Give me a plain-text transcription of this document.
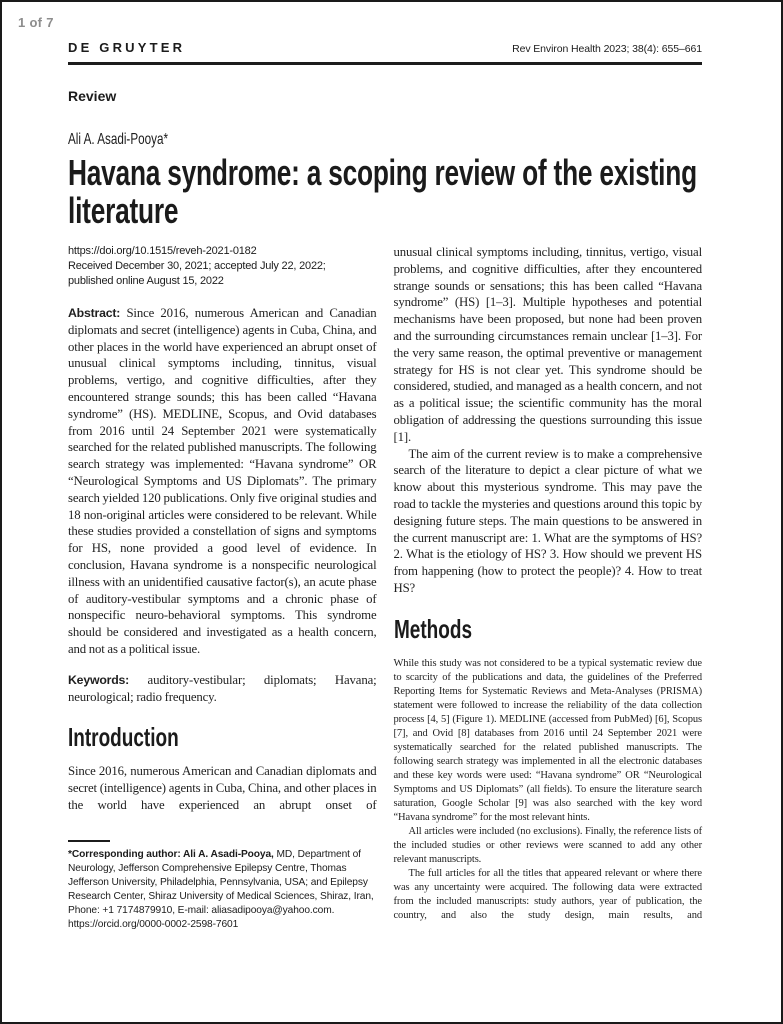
1 of 7
DE GRUYTER	Rev Environ Health 2023; 38(4): 655–661
Review
Ali A. Asadi-Pooya*
Havana syndrome: a scoping review of the existing literature
https://doi.org/10.1515/reveh-2021-0182
Received December 30, 2021; accepted July 22, 2022;
published online August 15, 2022

Abstract: Since 2016, numerous American and Canadian diplomats and secret (intelligence) agents in Cuba, China, and other places in the world have experienced an abrupt onset of unusual clinical symptoms including, tinnitus, visual problems, vertigo, and cognitive difficulties, after they encountered strange sounds; this has been called “Havana syndrome” (HS). MEDLINE, Scopus, and Ovid databases from 2016 until 24 September 2021 were systematically searched for the related published manuscripts. The following search strategy was implemented: “Havana syndrome” OR “Neurological Symptoms and US Diplomats”. The primary search yielded 120 publications. Only five original studies and 18 non-original articles were considered to be relevant. While these studies provided a constellation of signs and symptoms for HS, none provided a good level of evidence. In conclusion, Havana syndrome is a nonspecific neurological illness with an unidentified causative factor(s), an acute phase of auditory-vestibular symptoms and a chronic phase of nonspecific neuro-behavioral symptoms. This syndrome should be considered and investigated as a health concern, and not as a political issue.

Keywords: auditory-vestibular; diplomats; Havana; neurological; radio frequency.

Introduction

Since 2016, numerous American and Canadian diplomats and secret (intelligence) agents in Cuba, China, and other places in the world have experienced an abrupt onset of

*Corresponding author: Ali A. Asadi-Pooya, MD, Department of Neurology, Jefferson Comprehensive Epilepsy Centre, Thomas Jefferson University, Philadelphia, Pennsylvania, USA; and Epilepsy Research Center, Shiraz University of Medical Sciences, Shiraz, Iran, Phone: +1 7174879910, E-mail: aliasadipooya@yahoo.com.

https://orcid.org/0000-0002-2598-7601

unusual clinical symptoms including, tinnitus, vertigo, visual problems, and cognitive difficulties, after they encountered strange sounds or sensations; this has been called “Havana syndrome” (HS) [1–3]. Multiple hypotheses and potential mechanisms have been proposed, but none had been proven and the surrounding circumstances remain unclear [1–3]. For the very same reason, the optimal preventive or management strategy for HS is not clear yet. This syndrome should be considered, studied, and managed as a health concern, and not as a political issue; the scientific community has the moral obligation of addressing the questions surrounding this issue [1].

The aim of the current review is to make a comprehensive search of the literature to depict a clear picture of what we know about this mysterious syndrome. This may pave the road to tackle the mysteries and questions around this topic by designing future steps. The main questions to be answered in the current manuscript are: 1. What are the symptoms of HS? 2. What is the etiology of HS? 3. How should we prevent HS from happening (how to protect the people)? 4. How to treat HS?

Methods

While this study was not considered to be a typical systematic review due to scarcity of the publications and data, the guidelines of the Preferred Reporting Items for Systematic Reviews and Meta-Analyses (PRISMA) statement were followed to increase the reliability of the data collection process [4, 5] (Figure 1). MEDLINE (accessed from PubMed) [6], Scopus [7], and Ovid [8] databases from 2016 until 24 September 2021 were systematically searched for the related published manuscripts. The following search strategy was implemented in all the electronic databases and these key words were used: “Havana syndrome” OR “Neurological Symptoms and US Diplomats” (all fields). To ensure the literature search saturation, Google Scholar [9] was also searched with the key word “Havana syndrome” for the most relevant hints.

All articles were included (no exclusions). Finally, the reference lists of the included studies or other reviews were scanned to add any other relevant manuscripts.

The full articles for all the titles that appeared relevant or where there was any uncertainty were acquired. The following data were extracted from the included manuscripts: study authors, year of publication, the country, and also the study design, main results, and
